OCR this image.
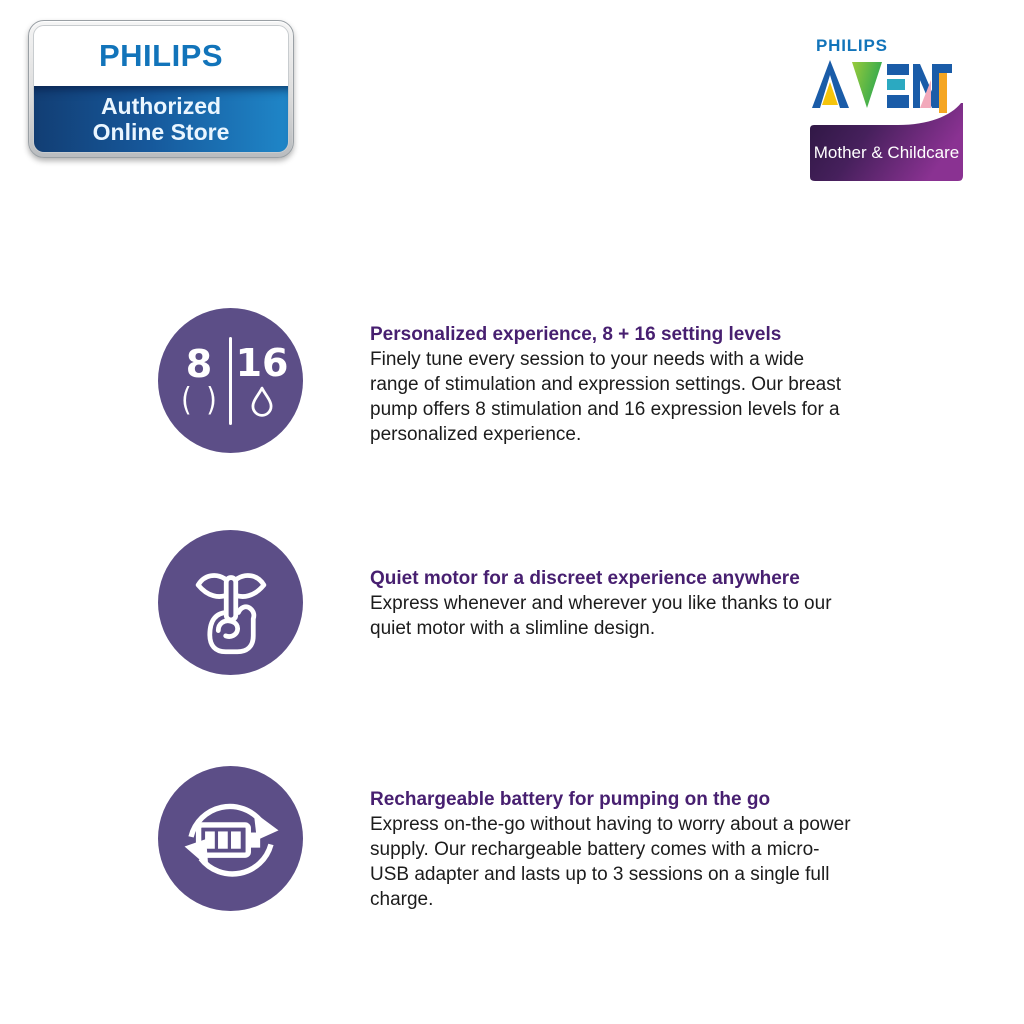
PHILIPS
Authorized
Online Store
PHILIPS
Mother & Childcare
8
( )
16
Personalized experience, 8 + 16 setting levels
Finely tune every session to your needs with a wide range of stimulation and expression settings. Our breast pump offers 8 stimulation and 16 expression levels for a personalized experience.
Quiet motor for a discreet experience anywhere
Express whenever and wherever you like thanks to our quiet motor with a slimline design.
Rechargeable battery for pumping on the go
Express on-the-go without having to worry about a power supply. Our rechargeable battery comes with a micro-USB adapter and lasts up to 3 sessions on a single full charge.
